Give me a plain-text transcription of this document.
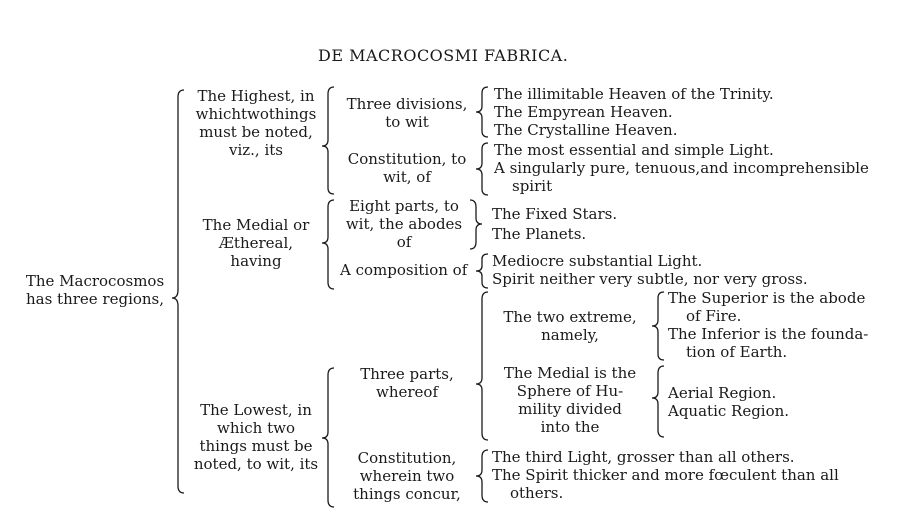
DE MACROCOSMI FABRICA.
The Macrocosmos
has three regions,
The Highest, in
whichtwothings
must be noted,
viz., its
Three divisions,
to wit
The illimitable Heaven of the Trinity.
The Empyrean Heaven.
The Crystalline Heaven.
Constitution, to
wit, of
The most essential and simple Light.
A singularly pure, tenuous,and incomprehensible
spirit
The Medial or
Æthereal,
having
Eight parts, to
wit, the abodes
of
The Fixed Stars.
The Planets.
A composition of Mediocre substantial Light.
Spirit neither very subtle, nor very gross.
The Lowest, in
which two
things must be
noted, to wit, its
Three parts,
whereof
The two extreme,
namely,
The Superior is the abode
of Fire.
The Inferior is the founda-
tion of Earth.
The Medial is the
Sphere of Hu-
mility divided
into the
Aerial Region.
Aquatic Region.
Constitution,
wherein two
things concur,
The third Light, grosser than all others.
The Spirit thicker and more fœculent than all
others.
